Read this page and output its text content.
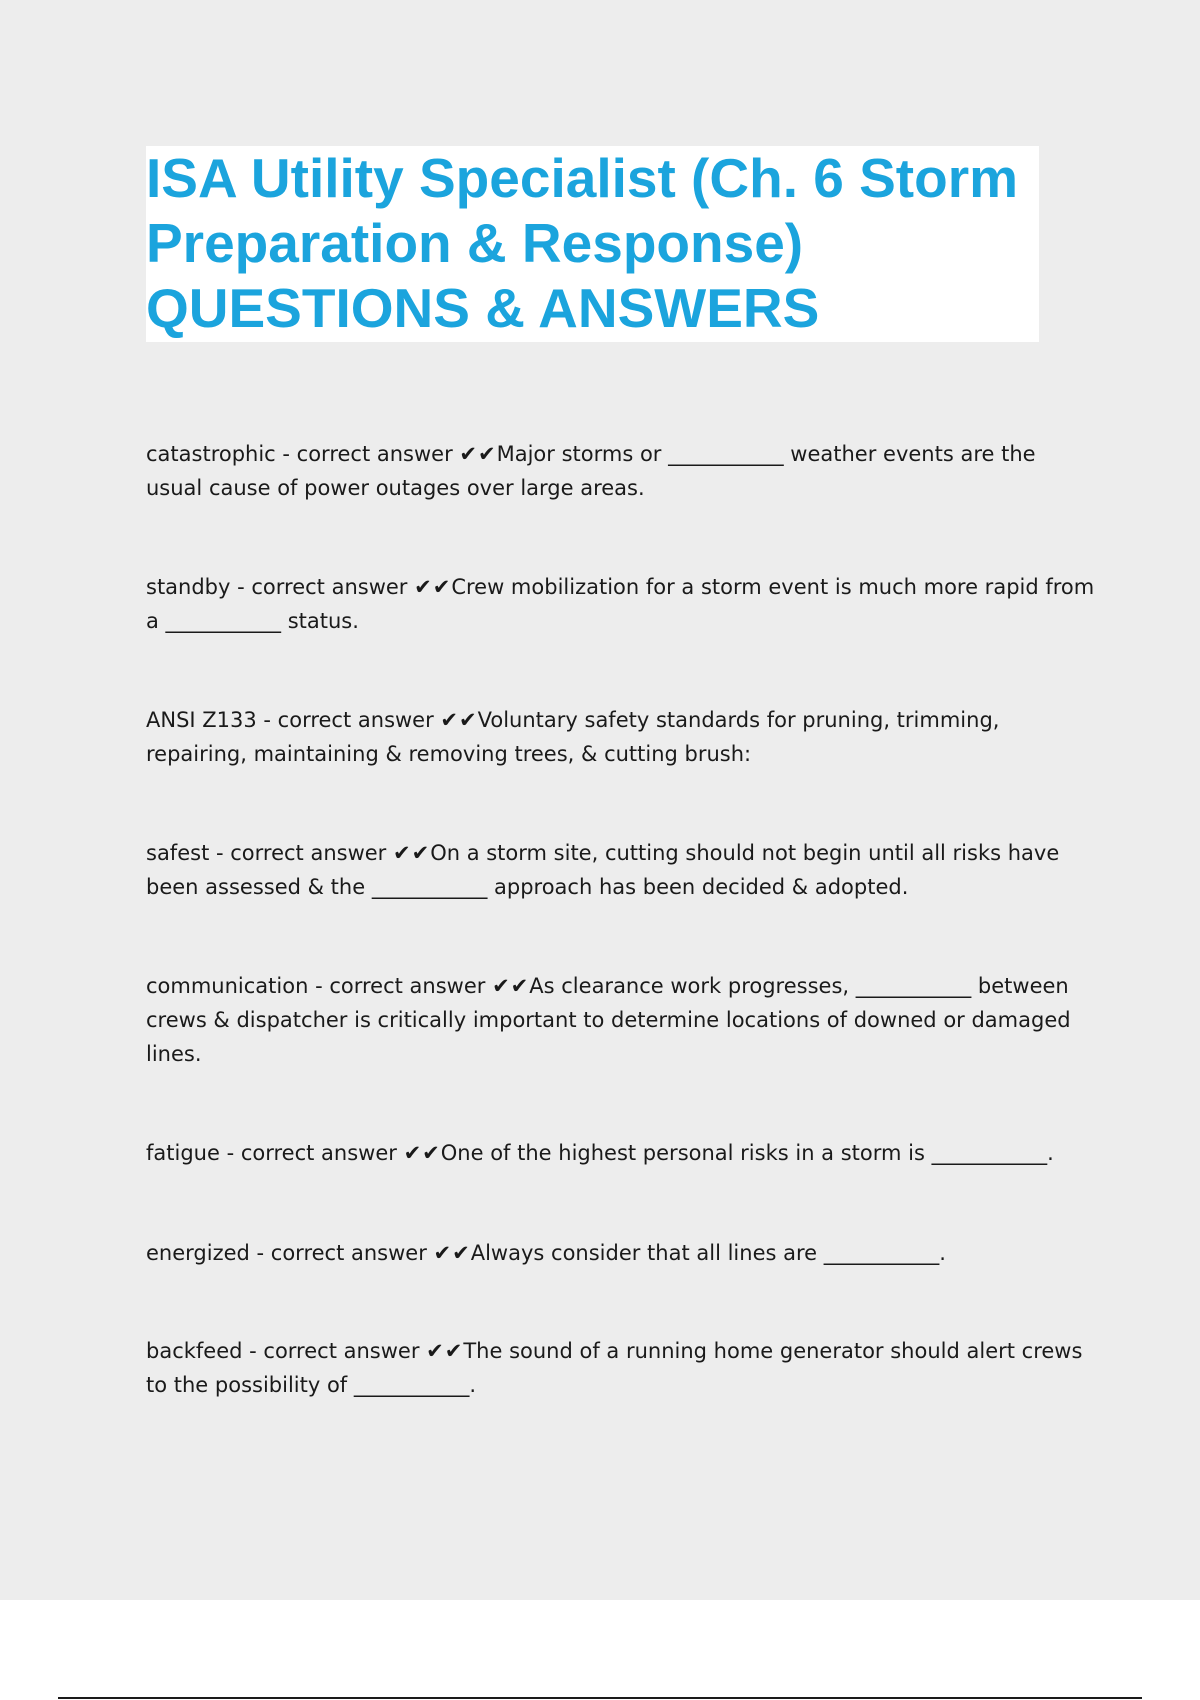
ISA Utility Specialist (Ch. 6 Storm
Preparation & Response)
QUESTIONS & ANSWERS
catastrophic - correct answer ✔✔Major storms or ___________ weather events are the usual cause of power outages over large areas.
standby - correct answer ✔✔Crew mobilization for a storm event is much more rapid from a ___________ status.
ANSI Z133 - correct answer ✔✔Voluntary safety standards for pruning, trimming, repairing, maintaining & removing trees, & cutting brush:
safest - correct answer ✔✔On a storm site, cutting should not begin until all risks have been assessed & the ___________ approach has been decided & adopted.
communication - correct answer ✔✔As clearance work progresses, ___________ between crews & dispatcher is critically important to determine locations of downed or damaged lines.
fatigue - correct answer ✔✔One of the highest personal risks in a storm is ___________.
energized - correct answer ✔✔Always consider that all lines are ___________.
backfeed - correct answer ✔✔The sound of a running home generator should alert crews to the possibility of ___________.
